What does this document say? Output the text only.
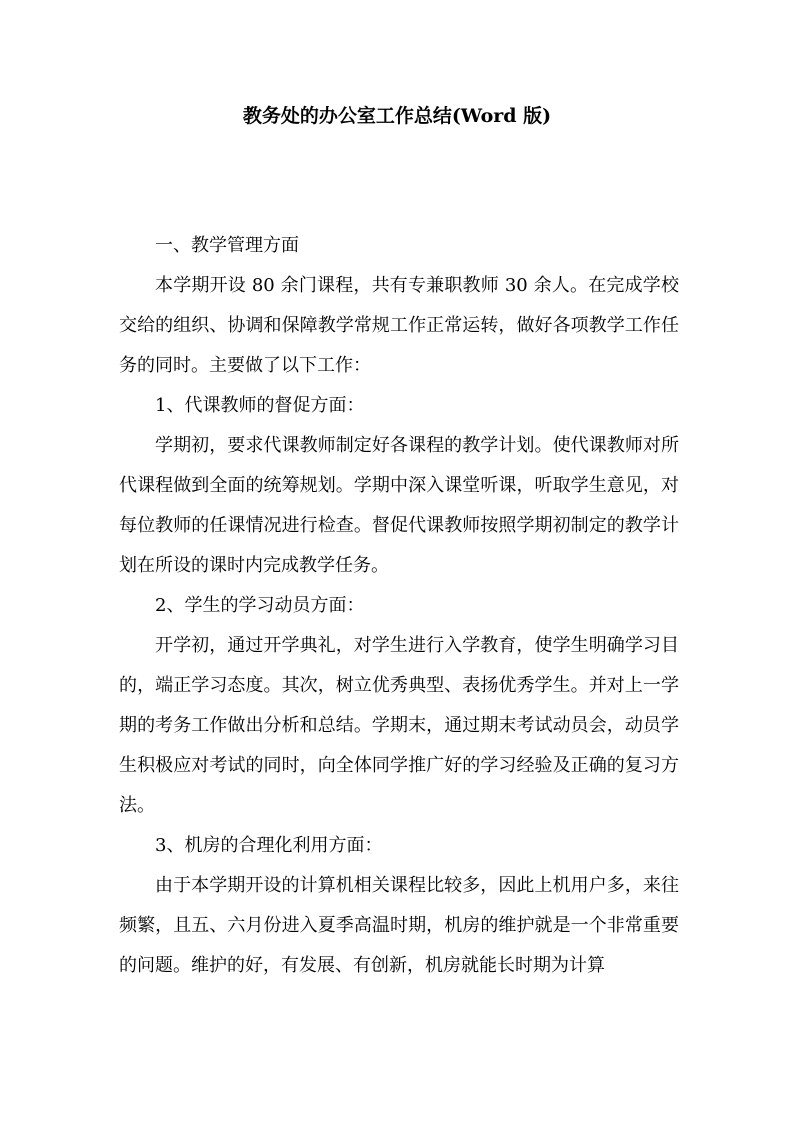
教务处的办公室工作总结(Word 版)

一、教学管理方面

本学期开设 80 余门课程，共有专兼职教师 30 余人。在完成学校交给的组织、协调和保障教学常规工作正常运转，做好各项教学工作任务的同时。主要做了以下工作：

1、代课教师的督促方面：

学期初，要求代课教师制定好各课程的教学计划。使代课教师对所代课程做到全面的统筹规划。学期中深入课堂听课，听取学生意见，对每位教师的任课情况进行检查。督促代课教师按照学期初制定的教学计划在所设的课时内完成教学任务。

2、学生的学习动员方面：

开学初，通过开学典礼，对学生进行入学教育，使学生明确学习目的，端正学习态度。其次，树立优秀典型、表扬优秀学生。并对上一学期的考务工作做出分析和总结。学期末，通过期末考试动员会，动员学生积极应对考试的同时，向全体同学推广好的学习经验及正确的复习方法。

3、机房的合理化利用方面：

由于本学期开设的计算机相关课程比较多，因此上机用户多，来往频繁，且五、六月份进入夏季高温时期，机房的维护就是一个非常重要的问题。维护的好，有发展、有创新，机房就能长时期为计算
